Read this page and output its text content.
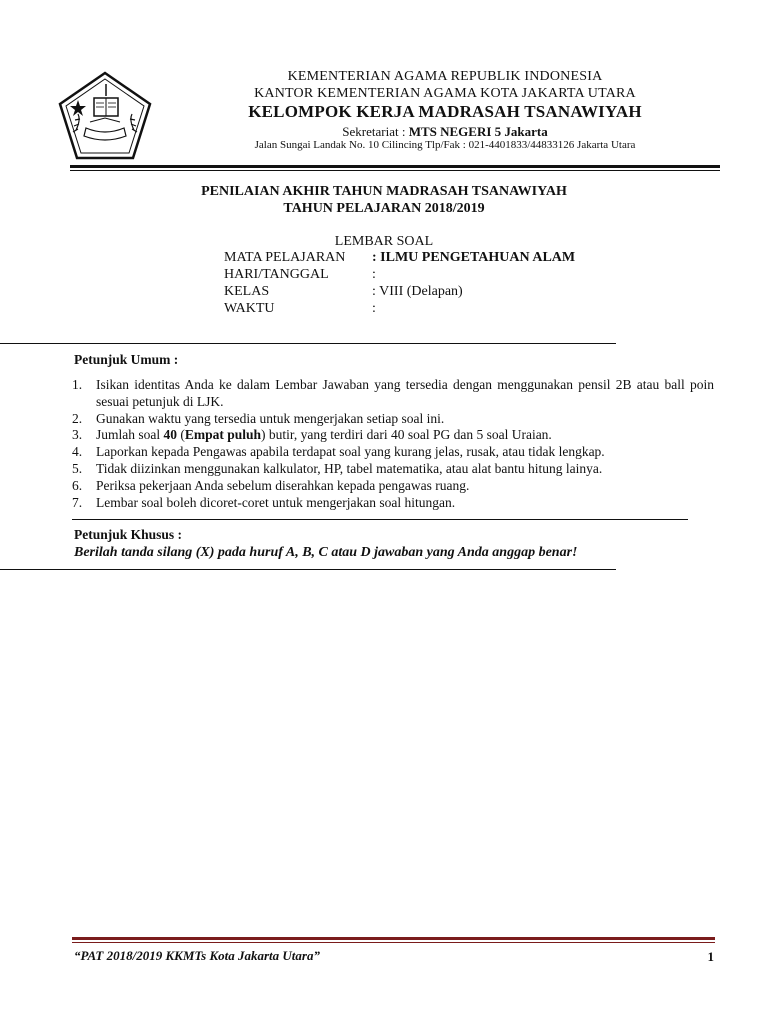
KEMENTERIAN AGAMA REPUBLIK INDONESIA
KANTOR KEMENTERIAN AGAMA KOTA JAKARTA UTARA
KELOMPOK KERJA MADRASAH TSANAWIYAH
Sekretariat : MTS NEGERI 5 Jakarta
Jalan Sungai Landak No. 10 Cilincing Tlp/Fak : 021-4401833/44833126 Jakarta Utara
PENILAIAN AKHIR TAHUN MADRASAH TSANAWIYAH
TAHUN PELAJARAN 2018/2019
LEMBAR SOAL
MATA PELAJARAN	: ILMU PENGETAHUAN ALAM
HARI/TANGGAL	:
KELAS	: VIII (Delapan)
WAKTU	:
Petunjuk Umum :
1.	Isikan identitas Anda ke dalam Lembar Jawaban yang tersedia dengan menggunakan pensil 2B atau ball poin sesuai petunjuk di LJK.
2.	Gunakan waktu yang tersedia untuk mengerjakan setiap soal ini.
3.	Jumlah soal 40 (Empat puluh) butir, yang terdiri dari 40 soal PG dan 5 soal Uraian.
4.	Laporkan kepada Pengawas apabila terdapat soal yang kurang jelas, rusak, atau tidak lengkap.
5.	Tidak diizinkan menggunakan kalkulator, HP, tabel matematika, atau alat bantu hitung lainya.
6.	Periksa pekerjaan Anda sebelum diserahkan kepada pengawas ruang.
7.	Lembar soal boleh dicoret-coret untuk mengerjakan soal hitungan.
Petunjuk Khusus :
Berilah tanda silang (X) pada huruf A, B, C atau D jawaban yang Anda anggap benar!
“PAT 2018/2019 KKMTs Kota Jakarta Utara”	1
